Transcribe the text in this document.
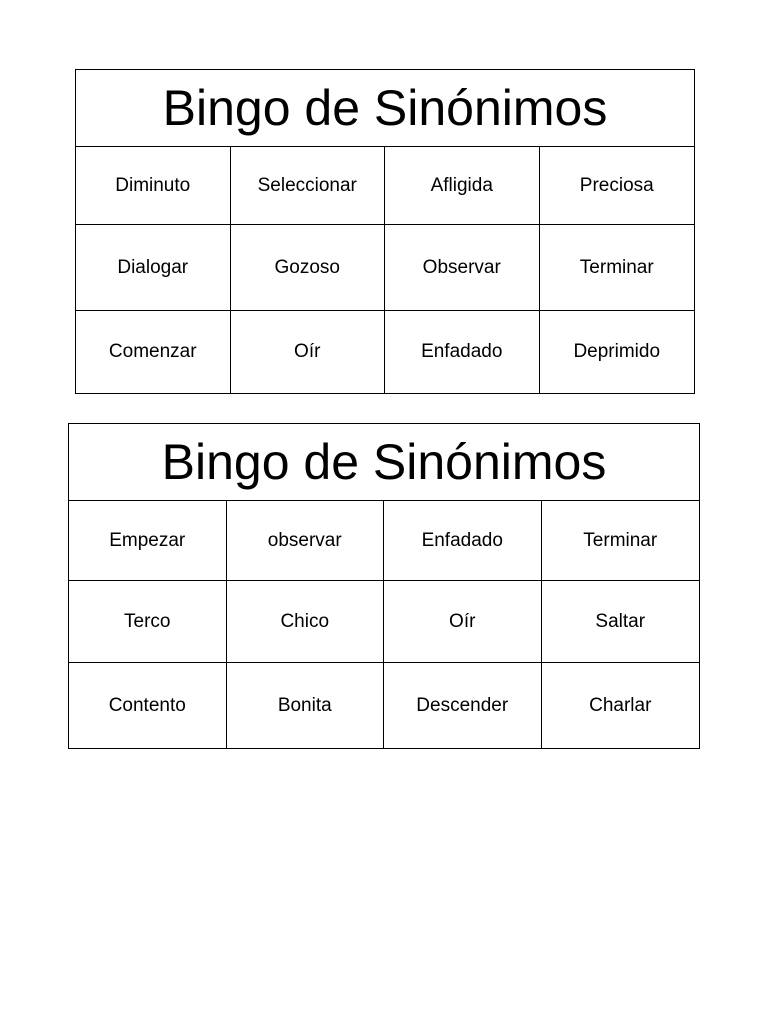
Bingo de Sinónimos
Diminuto	Seleccionar	Afligida	Preciosa
Dialogar	Gozoso	Observar	Terminar
Comenzar	Oír	Enfadado	Deprimido
Bingo de Sinónimos
Empezar	observar	Enfadado	Terminar
Terco	Chico	Oír	Saltar
Contento	Bonita	Descender	Charlar
